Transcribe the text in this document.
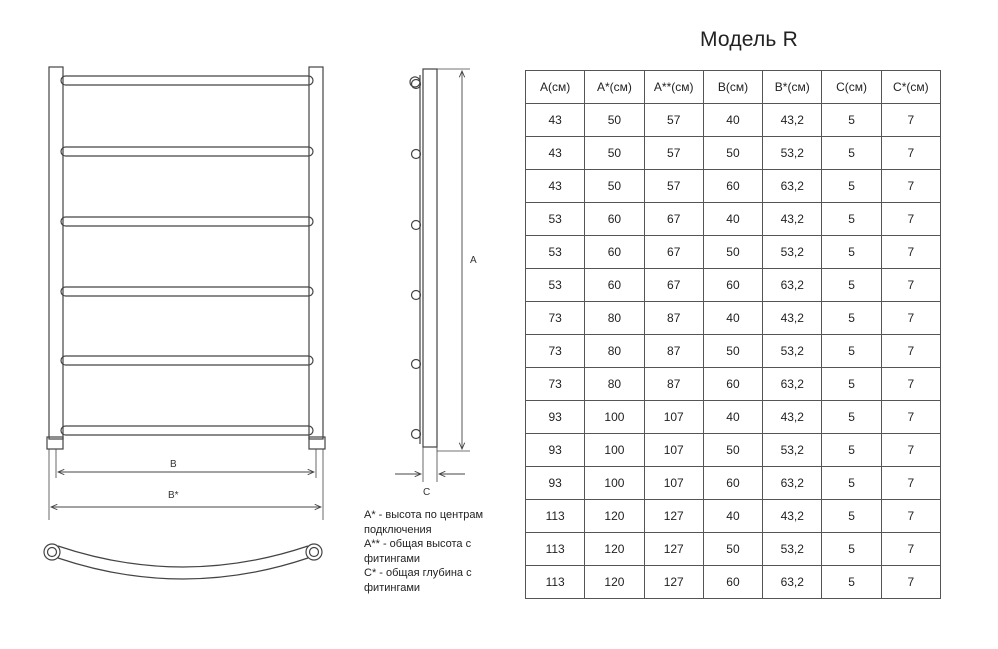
B
B*
A
C
Модель R
A(см)	A*(см)	A**(см)	B(см)	B*(см)	C(см)	C*(см)
43	50	57	40	43,2	5	7
43	50	57	50	53,2	5	7
43	50	57	60	63,2	5	7
53	60	67	40	43,2	5	7
53	60	67	50	53,2	5	7
53	60	67	60	63,2	5	7
73	80	87	40	43,2	5	7
73	80	87	50	53,2	5	7
73	80	87	60	63,2	5	7
93	100	107	40	43,2	5	7
93	100	107	50	53,2	5	7
93	100	107	60	63,2	5	7
113	120	127	40	43,2	5	7
113	120	127	50	53,2	5	7
113	120	127	60	63,2	5	7
A* - высота по центрам
подключения
A** - общая высота с
фитингами
C* - общая глубина с
фитингами
